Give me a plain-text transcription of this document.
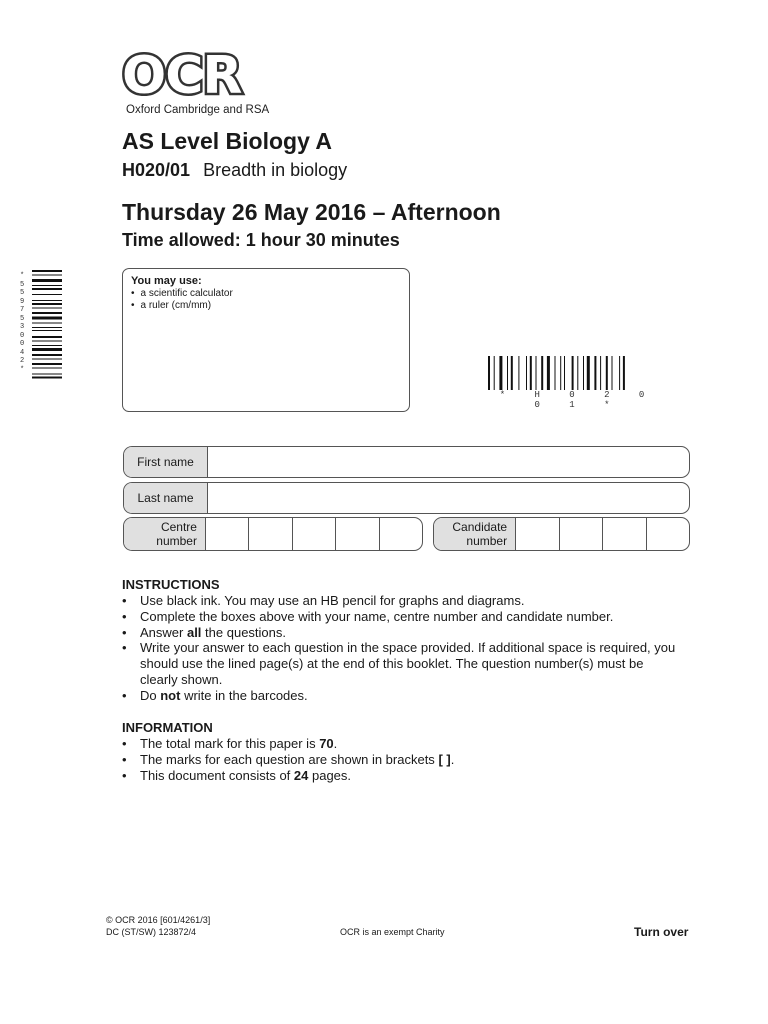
OCR
Oxford Cambridge and RSA
AS Level Biology A
H020/01 Breadth in biology
Thursday 26 May 2016 – Afternoon
Time allowed: 1 hour 30 minutes
You may use:
• a scientific calculator
• a ruler (cm/mm)
* 5 5 9 7 5 3 0 0 4 2 *
* H 0 2 0 0 1 *
First name
Last name
Centre
number
Candidate
number
INSTRUCTIONS
• Use black ink. You may use an HB pencil for graphs and diagrams.
• Complete the boxes above with your name, centre number and candidate number.
• Answer all the questions.
• Write your answer to each question in the space provided. If additional space is required, you should use the lined page(s) at the end of this booklet. The question number(s) must be clearly shown.
• Do not write in the barcodes.
INFORMATION
• The total mark for this paper is 70.
• The marks for each question are shown in brackets [ ].
• This document consists of 24 pages.
© OCR 2016 [601/4261/3]
DC (ST/SW) 123872/4	OCR is an exempt Charity	Turn over
